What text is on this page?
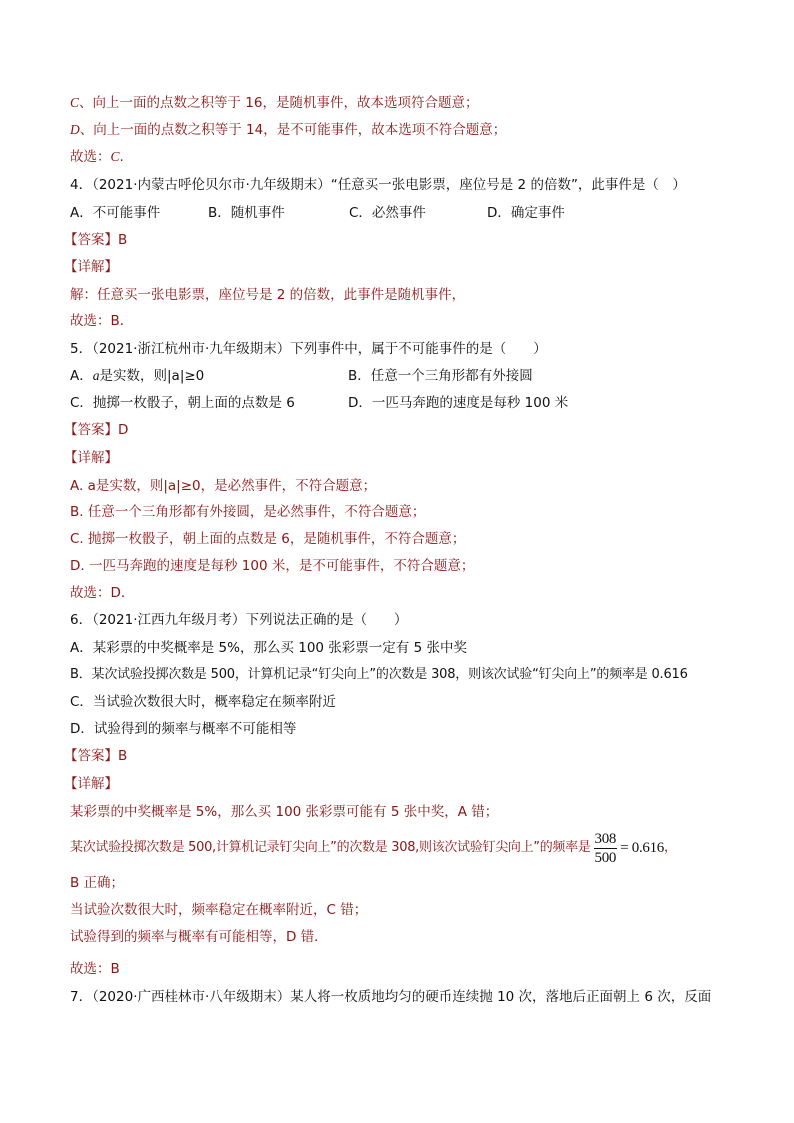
C、向上一面的点数之积等于 16，是随机事件，故本选项符合题意；
D、向上一面的点数之积等于 14，是不可能事件，故本选项不符合题意；
故选：C.
4．（2021·内蒙古呼伦贝尔市·九年级期末）“任意买一张电影票，座位号是 2 的倍数”，此事件是（　）
A．不可能事件	B．随机事件	C．必然事件	D．确定事件
【答案】B
【详解】
解：任意买一张电影票，座位号是 2 的倍数，此事件是随机事件，
故选：B．
5．（2021·浙江杭州市·九年级期末）下列事件中，属于不可能事件的是（　　）
A．a是实数，则|a|≥0	B．任意一个三角形都有外接圆
C．抛掷一枚骰子，朝上面的点数是 6	D．一匹马奔跑的速度是每秒 100 米
【答案】D
【详解】
A. a是实数，则|a|≥0，是必然事件，不符合题意；
B. 任意一个三角形都有外接圆，是必然事件，不符合题意；
C. 抛掷一枚骰子，朝上面的点数是 6，是随机事件，不符合题意；
D. 一匹马奔跑的速度是每秒 100 米，是不可能事件，不符合题意；
故选：D．
6．（2021·江西九年级月考）下列说法正确的是（　　）
A．某彩票的中奖概率是 5%，那么买 100 张彩票一定有 5 张中奖
B．某次试验投掷次数是 500，计算机记录“钉尖向上”的次数是 308，则该次试验“钉尖向上”的频率是 0.616
C．当试验次数很大时，概率稳定在频率附近
D．试验得到的频率与概率不可能相等
【答案】B
【详解】
某彩票的中奖概率是 5%，那么买 100 张彩票可能有 5 张中奖，A 错；
某次试验投掷次数是 500,计算机记录钉尖向上”的次数是 308,则该次试验钉尖向上”的频率是 $\frac{308}{500} = 0.616$ ，
B 正确；
当试验次数很大时，频率稳定在概率附近，C 错；
试验得到的频率与概率有可能相等，D 错．
故选：B
7．（2020·广西桂林市·八年级期末）某人将一枚质地均匀的硬币连续抛 10 次，落地后正面朝上 6 次，反面
